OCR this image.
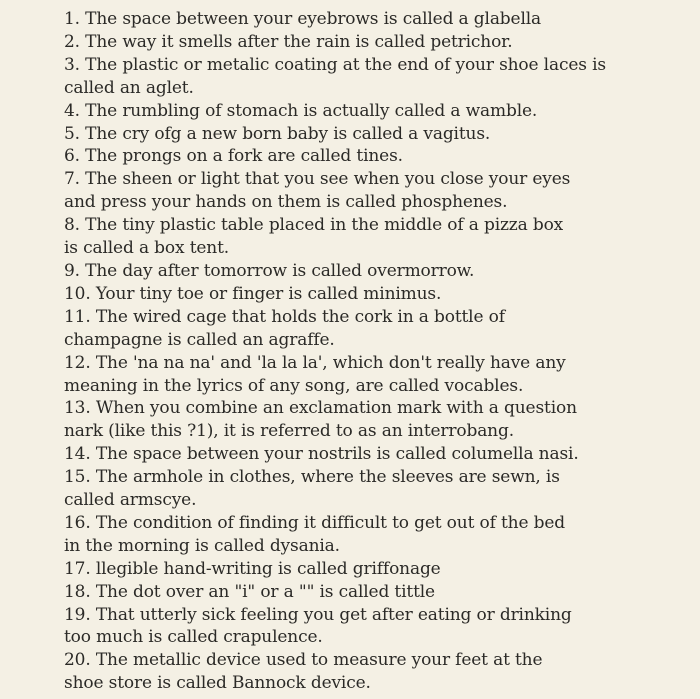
1. The space between your eyebrows is called a glabella
2. The way it smells after the rain is called petrichor.
3. The plastic or metalic coating at the end of your shoe laces is
called an aglet.
4. The rumbling of stomach is actually called a wamble.
5. The cry ofg a new born baby is called a vagitus.
6. The prongs on a fork are called tines.
7. The sheen or light that you see when you close your eyes
and press your hands on them is called phosphenes.
8. The tiny plastic table placed in the middle of a pizza box
is called a box tent.
9. The day after tomorrow is called overmorrow.
10. Your tiny toe or finger is called minimus.
11. The wired cage that holds the cork in a bottle of
champagne is called an agraffe.
12. The 'na na na' and 'la la la', which don't really have any
meaning in the lyrics of any song, are called vocables.
13. When you combine an exclamation mark with a question
nark (like this ?1), it is referred to as an interrobang.
14. The space between your nostrils is called columella nasi.
15. The armhole in clothes, where the sleeves are sewn, is
called armscye.
16. The condition of finding it difficult to get out of the bed
in the morning is called dysania.
17. llegible hand-writing is called griffonage
18. The dot over an "i" or a "" is called tittle
19. That utterly sick feeling you get after eating or drinking
too much is called crapulence.
20. The metallic device used to measure your feet at the
shoe store is called Bannock device.
